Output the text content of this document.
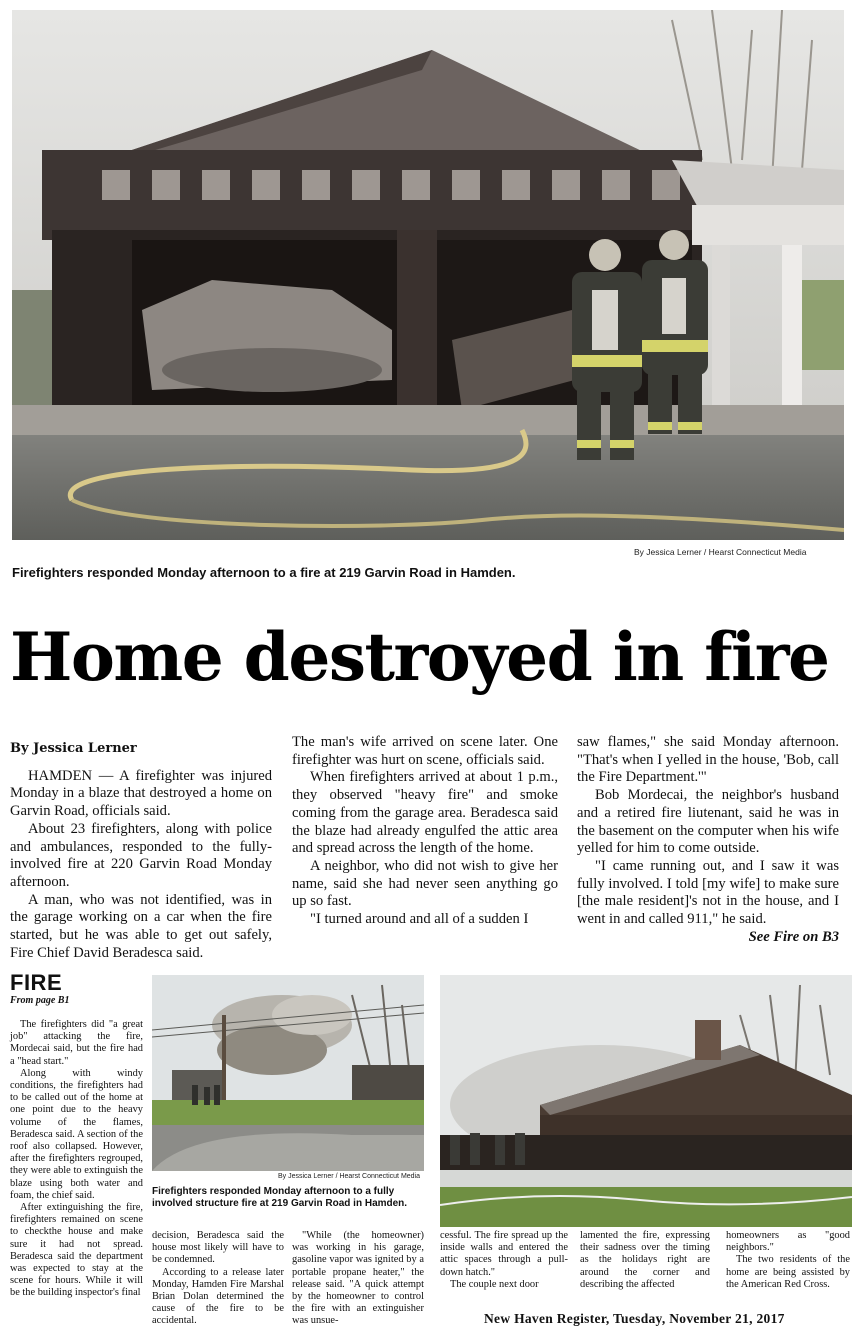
By Jessica Lerner / Hearst Connecticut Media
Firefighters responded Monday afternoon to a fire at 219 Garvin Road in Hamden.
Home destroyed in fire
By Jessica Lerner

HAMDEN — A firefighter was injured Monday in a blaze that destroyed a home on Garvin Road, officials said.

About 23 firefighters, along with police and ambulances, responded to the fully-involved fire at 220 Garvin Road Monday afternoon.

A man, who was not identified, was in the garage working on a car when the fire started, but he was able to get out safely, Fire Chief David Beradesca said.

The man's wife arrived on scene later. One firefighter was hurt on scene, officials said.

When firefighters arrived at about 1 p.m., they observed "heavy fire" and smoke coming from the garage area. Beradesca said the blaze had already engulfed the attic area and spread across the length of the home.

A neighbor, who did not wish to give her name, said she had never seen anything go up so fast.

"I turned around and all of a sudden I

saw flames," she said Monday afternoon. "That's when I yelled in the house, 'Bob, call the Fire Department.'"

Bob Mordecai, the neighbor's husband and a retired fire liutenant, said he was in the basement on the computer when his wife yelled for him to come outside.

"I came running out, and I saw it was fully involved. I told [my wife] to make sure [the male resident]'s not in the house, and I went in and called 911," he said.

See Fire on B3

FIRE
From page B1

The firefighters did "a great job" attacking the fire, Mordecai said, but the fire had a "head start."

Along with windy conditions, the firefighters had to be called out of the home at one point due to the heavy volume of the flames, Beradesca said. A section of the roof also collapsed. However, after the firefighters regrouped, they were able to extinguish the blaze using both water and foam, the chief said.

After extinguishing the fire, firefighters remained on scene to checkthe house and make sure it had not spread. Beradesca said the department was expected to stay at the scene for hours. While it will be the building inspector's final

By Jessica Lerner / Hearst Connecticut Media
Firefighters responded Monday afternoon to a fully involved structure fire at 219 Garvin Road in Hamden.

decision, Beradesca said the house most likely will have to be condemned.

According to a release later Monday, Hamden Fire Marshal Brian Dolan determined the cause of the fire to be accidental.

"While (the homeowner) was working in his garage, gasoline vapor was ignited by a portable propane heater," the release said. "A quick attempt by the homeowner to control the fire with an extinguisher was unsue-

cessful. The fire spread up the inside walls and entered the attic spaces through a pull-down hatch."

The couple next door

lamented the fire, expressing their sadness over the timing as the holidays right are around the corner and describing the affected

homeowners as "good neighbors."

The two residents of the home are being assisted by the American Red Cross.

New Haven Register, Tuesday, November 21, 2017
